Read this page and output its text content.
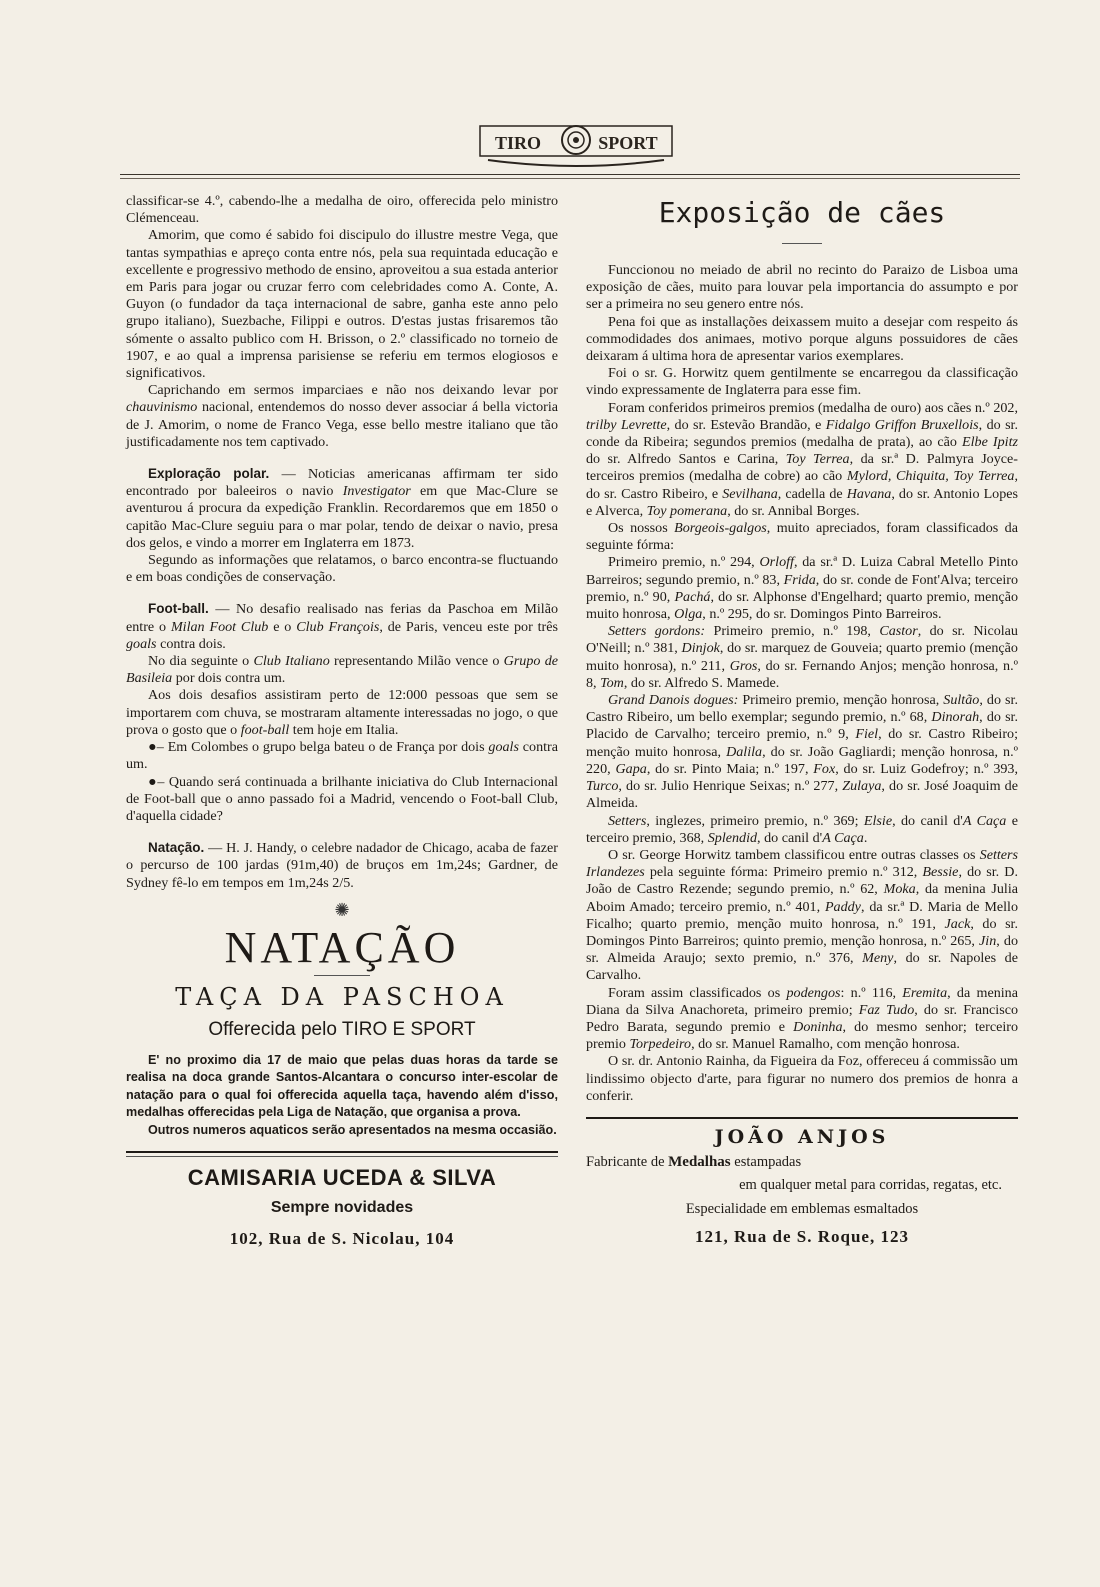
TIRO	SPORT

classificar-se 4.º, cabendo-lhe a medalha de oiro, offerecida pelo ministro Clémenceau.

Amorim, que como é sabido foi discipulo do illustre mestre Vega, que tantas sympathias e apreço conta entre nós, pela sua requintada educação e excellente e progressivo methodo de ensino, aproveitou a sua estada anterior em Paris para jogar ou cruzar ferro com celebridades como A. Conte, A. Guyon (o fundador da taça internacional de sabre, ganha este anno pelo grupo italiano), Suezbache, Filippi e outros. D'estas justas frisaremos tão sómente o assalto publico com H. Brisson, o 2.º classificado no torneio de 1907, e ao qual a imprensa parisiense se referiu em termos elogiosos e significativos.

Caprichando em sermos imparciaes e não nos deixando levar por chauvinismo nacional, entendemos do nosso dever associar á bella victoria de J. Amorim, o nome de Franco Vega, esse bello mestre italiano que tão justificadamente nos tem captivado.

Exploração polar. — Noticias americanas affirmam ter sido encontrado por baleeiros o navio Investigator em que Mac-Clure se aventurou á procura da expedição Franklin. Recordaremos que em 1850 o capitão Mac-Clure seguiu para o mar polar, tendo de deixar o navio, presa dos gelos, e vindo a morrer em Inglaterra em 1873.

Segundo as informações que relatamos, o barco encontra-se fluctuando e em boas condições de conservação.

Foot-ball. — No desafio realisado nas ferias da Paschoa em Milão entre o Milan Foot Club e o Club François, de Paris, venceu este por três goals contra dois.

No dia seguinte o Club Italiano representando Milão vence o Grupo de Basileia por dois contra um.

Aos dois desafios assistiram perto de 12:000 pessoas que sem se importarem com chuva, se mostraram altamente interessadas no jogo, o que prova o gosto que o foot-ball tem hoje em Italia.

●– Em Colombes o grupo belga bateu o de França por dois goals contra um.

●– Quando será continuada a brilhante iniciativa do Club Internacional de Foot-ball que o anno passado foi a Madrid, vencendo o Foot-ball Club, d'aquella cidade?

Natação. — H. J. Handy, o celebre nadador de Chicago, acaba de fazer o percurso de 100 jardas (91m,40) de bruços em 1m,24s; Gardner, de Sydney fê-lo em tempos em 1m,24s 2/5.

✺
NATAÇÃO
TAÇA DA PASCHOA
Offerecida pelo TIRO E SPORT
E' no proximo dia 17 de maio que pelas duas horas da tarde se realisa na doca grande Santos-Alcantara o concurso inter-escolar de natação para o qual foi offerecida aquella taça, havendo além d'isso, medalhas offerecidas pela Liga de Natação, que organisa a prova.
Outros numeros aquaticos serão apresentados na mesma occasião.
CAMISARIA UCEDA & SILVA
Sempre novidades
102, Rua de S. Nicolau, 104
Exposição de cães

Funccionou no meiado de abril no recinto do Paraizo de Lisboa uma exposição de cães, muito para louvar pela importancia do assumpto e por ser a primeira no seu genero entre nós.

Pena foi que as installações deixassem muito a desejar com respeito ás commodidades dos animaes, motivo porque alguns possuidores de cães deixaram á ultima hora de apresentar varios exemplares.

Foi o sr. G. Horwitz quem gentilmente se encarregou da classificação vindo expressamente de Inglaterra para esse fim.

Foram conferidos primeiros premios (medalha de ouro) aos cães n.º 202, trilby Levrette, do sr. Estevão Brandão, e Fidalgo Griffon Bruxellois, do sr. conde da Ribeira; segundos premios (medalha de prata), ao cão Elbe Ipitz do sr. Alfredo Santos e Carina, Toy Terrea, da sr.ª D. Palmyra Joyce-terceiros premios (medalha de cobre) ao cão Mylord, Chiquita, Toy Terrea, do sr. Castro Ribeiro, e Sevilhana, cadella de Havana, do sr. Antonio Lopes e Alverca, Toy pomerana, do sr. Annibal Borges.

Os nossos Borgeois-galgos, muito apreciados, foram classificados da seguinte fórma:

Primeiro premio, n.º 294, Orloff, da sr.ª D. Luiza Cabral Metello Pinto Barreiros; segundo premio, n.º 83, Frida, do sr. conde de Font'Alva; terceiro premio, n.º 90, Pachá, do sr. Alphonse d'Engelhard; quarto premio, menção muito honrosa, Olga, n.º 295, do sr. Domingos Pinto Barreiros.

Setters gordons: Primeiro premio, n.º 198, Castor, do sr. Nicolau O'Neill; n.º 381, Dinjok, do sr. marquez de Gouveia; quarto premio (menção muito honrosa), n.º 211, Gros, do sr. Fernando Anjos; menção honrosa, n.º 8, Tom, do sr. Alfredo S. Mamede.

Grand Danois dogues: Primeiro premio, menção honrosa, Sultão, do sr. Castro Ribeiro, um bello exemplar; segundo premio, n.º 68, Dinorah, do sr. Placido de Carvalho; terceiro premio, n.º 9, Fiel, do sr. Castro Ribeiro; menção muito honrosa, Dalila, do sr. João Gagliardi; menção honrosa, n.º 220, Gapa, do sr. Pinto Maia; n.º 197, Fox, do sr. Luiz Godefroy; n.º 393, Turco, do sr. Julio Henrique Seixas; n.º 277, Zulaya, do sr. José Joaquim de Almeida.

Setters, inglezes, primeiro premio, n.º 369; Elsie, do canil d'A Caça e terceiro premio, 368, Splendid, do canil d'A Caça.

O sr. George Horwitz tambem classificou entre outras classes os Setters Irlandezes pela seguinte fórma: Primeiro premio n.º 312, Bessie, do sr. D. João de Castro Rezende; segundo premio, n.º 62, Moka, da menina Julia Aboim Amado; terceiro premio, n.º 401, Paddy, da sr.ª D. Maria de Mello Ficalho; quarto premio, menção muito honrosa, n.º 191, Jack, do sr. Domingos Pinto Barreiros; quinto premio, menção honrosa, n.º 265, Jin, do sr. Almeida Araujo; sexto premio, n.º 376, Meny, do sr. Napoles de Carvalho.

Foram assim classificados os podengos: n.º 116, Eremita, da menina Diana da Silva Anachoreta, primeiro premio; Faz Tudo, do sr. Francisco Pedro Barata, segundo premio e Doninha, do mesmo senhor; terceiro premio Torpedeiro, do sr. Manuel Ramalho, com menção honrosa.

O sr. dr. Antonio Rainha, da Figueira da Foz, offereceu á commissão um lindissimo objecto d'arte, para figurar no numero dos premios de honra a conferir.

JOÃO ANJOS
Fabricante de Medalhas estampadas
em qualquer metal para corridas, regatas, etc.
Especialidade em emblemas esmaltados
121, Rua de S. Roque, 123
